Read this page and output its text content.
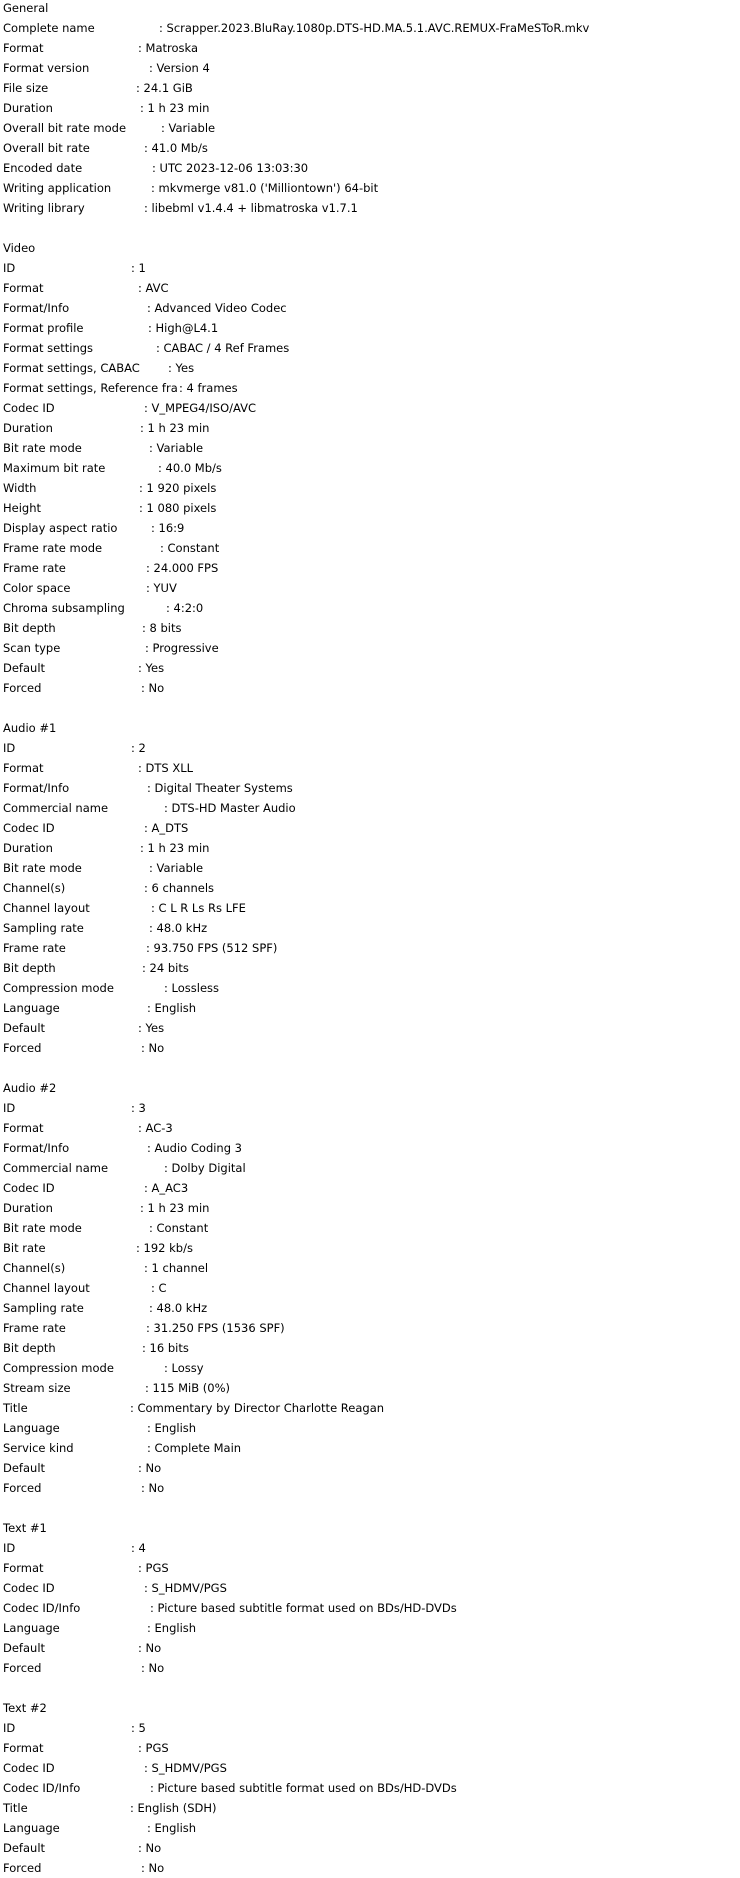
General
Complete name	: Scrapper.2023.BluRay.1080p.DTS-HD.MA.5.1.AVC.REMUX-FraMeSToR.mkv
Format	: Matroska
Format version	: Version 4
File size	: 24.1 GiB
Duration	: 1 h 23 min
Overall bit rate mode	: Variable
Overall bit rate	: 41.0 Mb/s
Encoded date	: UTC 2023-12-06 13:03:30
Writing application	: mkvmerge v81.0 ('Milliontown') 64-bit
Writing library	: libebml v1.4.4 + libmatroska v1.7.1
Video
ID	: 1
Format	: AVC
Format/Info	: Advanced Video Codec
Format profile	: High@L4.1
Format settings	: CABAC / 4 Ref Frames
Format settings, CABAC : Yes
Format settings, Reference fra: 4 frames
Codec ID	: V_MPEG4/ISO/AVC
Duration	: 1 h 23 min
Bit rate mode	: Variable
Maximum bit rate	: 40.0 Mb/s
Width	: 1 920 pixels
Height	: 1 080 pixels
Display aspect ratio	: 16:9
Frame rate mode	: Constant
Frame rate	: 24.000 FPS
Color space	: YUV
Chroma subsampling	: 4:2:0
Bit depth	: 8 bits
Scan type	: Progressive
Default	: Yes
Forced	: No
Audio #1
ID	: 2
Format	: DTS XLL
Format/Info	: Digital Theater Systems
Commercial name	: DTS-HD Master Audio
Codec ID	: A_DTS
Duration	: 1 h 23 min
Bit rate mode	: Variable
Channel(s)	: 6 channels
Channel layout	: C L R Ls Rs LFE
Sampling rate	: 48.0 kHz
Frame rate	: 93.750 FPS (512 SPF)
Bit depth	: 24 bits
Compression mode	: Lossless
Language	: English
Default	: Yes
Forced	: No
Audio #2
ID	: 3
Format	: AC-3
Format/Info	: Audio Coding 3
Commercial name	: Dolby Digital
Codec ID	: A_AC3
Duration	: 1 h 23 min
Bit rate mode	: Constant
Bit rate	: 192 kb/s
Channel(s)	: 1 channel
Channel layout	: C
Sampling rate	: 48.0 kHz
Frame rate	: 31.250 FPS (1536 SPF)
Bit depth	: 16 bits
Compression mode	: Lossy
Stream size	: 115 MiB (0%)
Title	: Commentary by Director Charlotte Reagan
Language	: English
Service kind	: Complete Main
Default	: No
Forced	: No
Text #1
ID	: 4
Format	: PGS
Codec ID	: S_HDMV/PGS
Codec ID/Info	: Picture based subtitle format used on BDs/HD-DVDs
Language	: English
Default	: No
Forced	: No
Text #2
ID	: 5
Format	: PGS
Codec ID	: S_HDMV/PGS
Codec ID/Info	: Picture based subtitle format used on BDs/HD-DVDs
Title	: English (SDH)
Language	: English
Default	: No
Forced	: No
